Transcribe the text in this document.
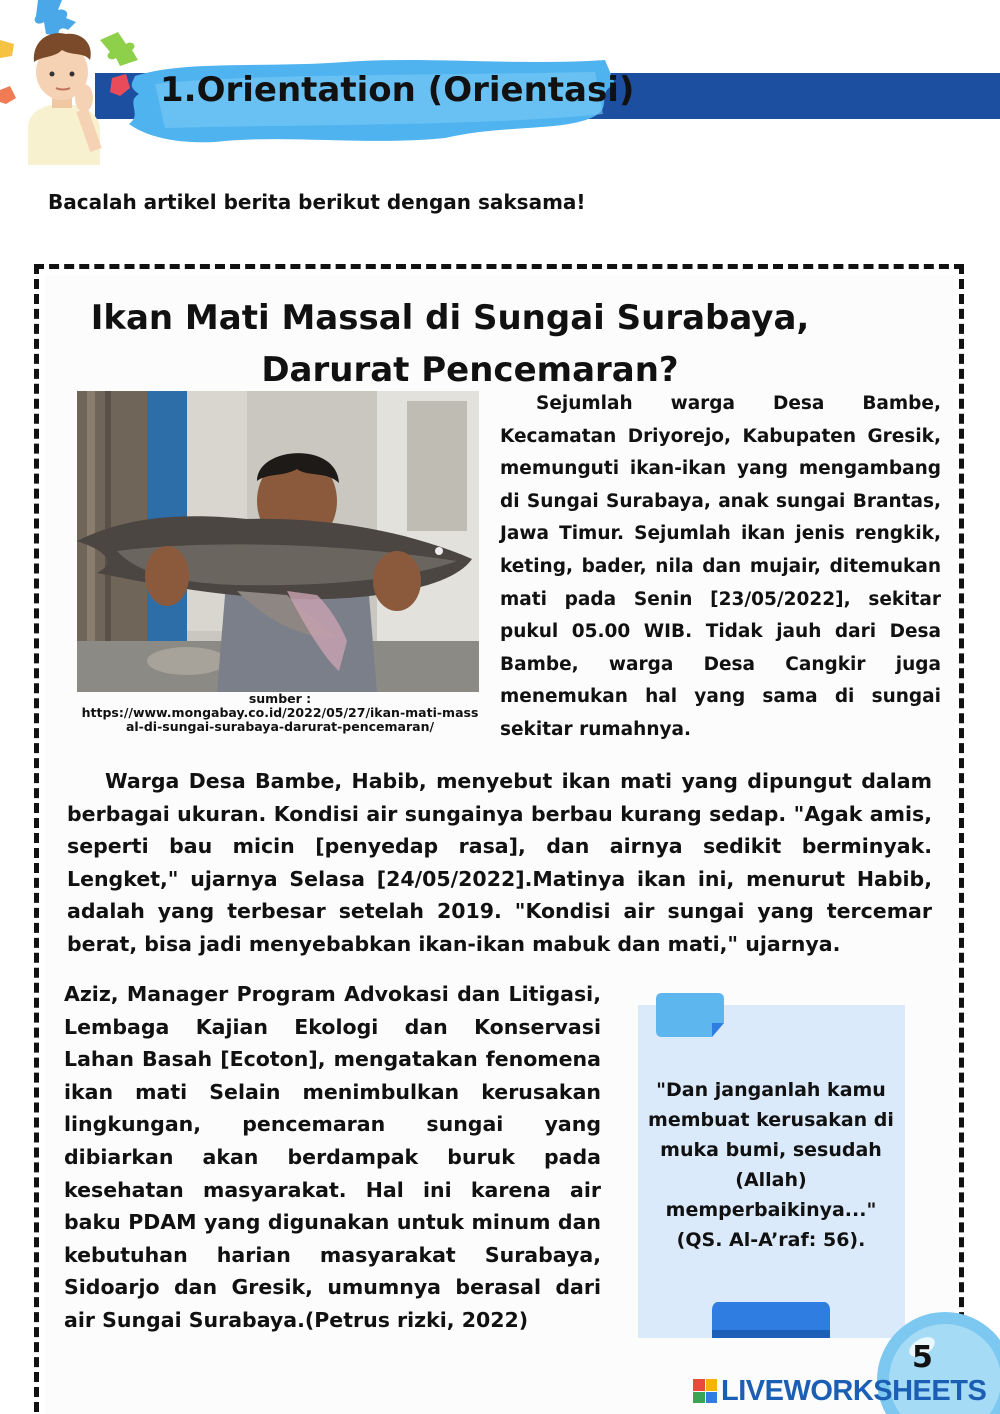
1.Orientation (Orientasi)
Bacalah artikel berita berikut dengan saksama!
Ikan Mati Massal di Sungai Surabaya,
Darurat Pencemaran?
sumber :
https://www.mongabay.co.id/2022/05/27/ikan-mati-massal-di-sungai-surabaya-darurat-pencemaran/
Sejumlah warga Desa Bambe, Kecamatan Driyorejo, Kabupaten Gresik, memunguti ikan-ikan yang mengambang di Sungai Surabaya, anak sungai Brantas, Jawa Timur. Sejumlah ikan jenis rengkik, keting, bader, nila dan mujair, ditemukan mati pada Senin [23/05/2022], sekitar pukul 05.00 WIB. Tidak jauh dari Desa Bambe, warga Desa Cangkir juga menemukan hal yang sama di sungai sekitar rumahnya.
Warga Desa Bambe, Habib, menyebut ikan mati yang dipungut dalam berbagai ukuran. Kondisi air sungainya berbau kurang sedap. "Agak amis, seperti bau micin [penyedap rasa], dan airnya sedikit berminyak. Lengket," ujarnya Selasa [24/05/2022].Matinya ikan ini, menurut Habib, adalah yang terbesar setelah 2019. "Kondisi air sungai yang tercemar berat, bisa jadi menyebabkan ikan-ikan mabuk dan mati," ujarnya.
Aziz, Manager Program Advokasi dan Litigasi, Lembaga Kajian Ekologi dan Konservasi Lahan Basah [Ecoton], mengatakan fenomena ikan mati Selain menimbulkan kerusakan lingkungan, pencemaran sungai yang dibiarkan akan berdampak buruk pada kesehatan masyarakat. Hal ini karena air baku PDAM yang digunakan untuk minum dan kebutuhan harian masyarakat Surabaya, Sidoarjo dan Gresik, umumnya berasal dari air Sungai Surabaya.(Petrus rizki, 2022)
"Dan janganlah kamu membuat kerusakan di muka bumi, sesudah (Allah) memperbaikinya..." (QS. Al-A’raf: 56).
5
LIVEWORKSHEETS
